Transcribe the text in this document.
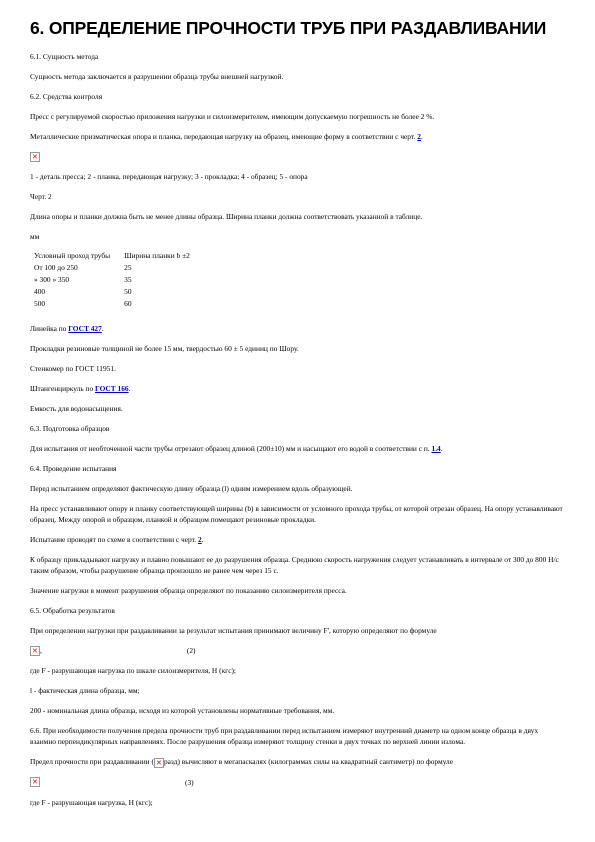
6. ОПРЕДЕЛЕНИЕ ПРОЧНОСТИ ТРУБ ПРИ РАЗДАВЛИВАНИИ

6.1. Сущность метода

Сущность метода заключается в разрушении образца трубы внешней нагрузкой.

6.2. Средства контроля

Пресс с регулируемой скоростью приложения нагрузки и силоизмерителем, имеющим допускаемую погрешность не более 2 %.

Металлические призматическая опора и планка, передающая нагрузку на образец, имеющие форму в соответствии с черт. 2.

✕

1 - деталь пресса; 2 - планка, передающая нагрузку; 3 - прокладка; 4 - образец; 5 - опора

Черт. 2

Длина опоры и планки должна быть не менее длины образца. Ширина планки должна соответствовать указанной в таблице.

мм

Условный проход трубы	Ширина планки b ±2
От 100 до 250	25
» 300 » 350	35
400	50
500	60

Линейка по ГОСТ 427.

Прокладки резиновые толщиной не более 15 мм, твердостью 60 ± 5 единиц по Шору.

Стенкомер по ГОСТ 11951.

Штангенциркуль по ГОСТ 166.

Емкость для водонасыщения.

6.3. Подготовка образцов

Для испытания от необточенной части трубы отрезают образец длиной (200±10) мм и насыщают его водой в соответствии с п. 1.4.

6.4. Проведение испытания

Перед испытанием определяют фактическую длину образца (l) одним измерением вдоль образующей.

На пресс устанавливают опору и планку соответствующей ширины (b) в зависимости от условного прохода трубы, от которой отрезан образец. На опору устанавливают образец. Между опорой и образцом, планкой и образцом помещают резиновые прокладки.

Испытание проводят по схеме в соответствии с черт. 2.

К образцу прикладывают нагрузку и плавно повышают ее до разрушения образца. Среднюю скорость нагружения следует устанавливать в интервале от 300 до 800 Н/с таким образом, чтобы разрушение образца произошло не ранее чем через 15 с.

Значение нагрузки в момент разрушения образца определяют по показанию силоизмерителя пресса.

6.5. Обработка результатов

При определении нагрузки при раздавливании за результат испытания принимают величину F', которую определяют по формуле

✕
,	(2)

где F - разрушающая нагрузка по шкале силоизмерителя, Н (кгс);

l - фактическая длина образца, мм;

200 - номинальная длина образца, исходя из которой установлены нормативные требования, мм.

6.6. При необходимости получения предела прочности труб при раздавливании перед испытанием измеряют внутренний диаметр на одном конце образца в двух взаимно перпендикулярных направлениях. После разрушения образца измеряют толщину стенки в двух точках по верхней линии излома.

Предел прочности при раздавливании ( ✕ разд) вычисляют в мегапаскалях (килограммах силы на квадратный сантиметр) по формуле

✕
(3)

где F - разрушающая нагрузка, Н (кгс);
